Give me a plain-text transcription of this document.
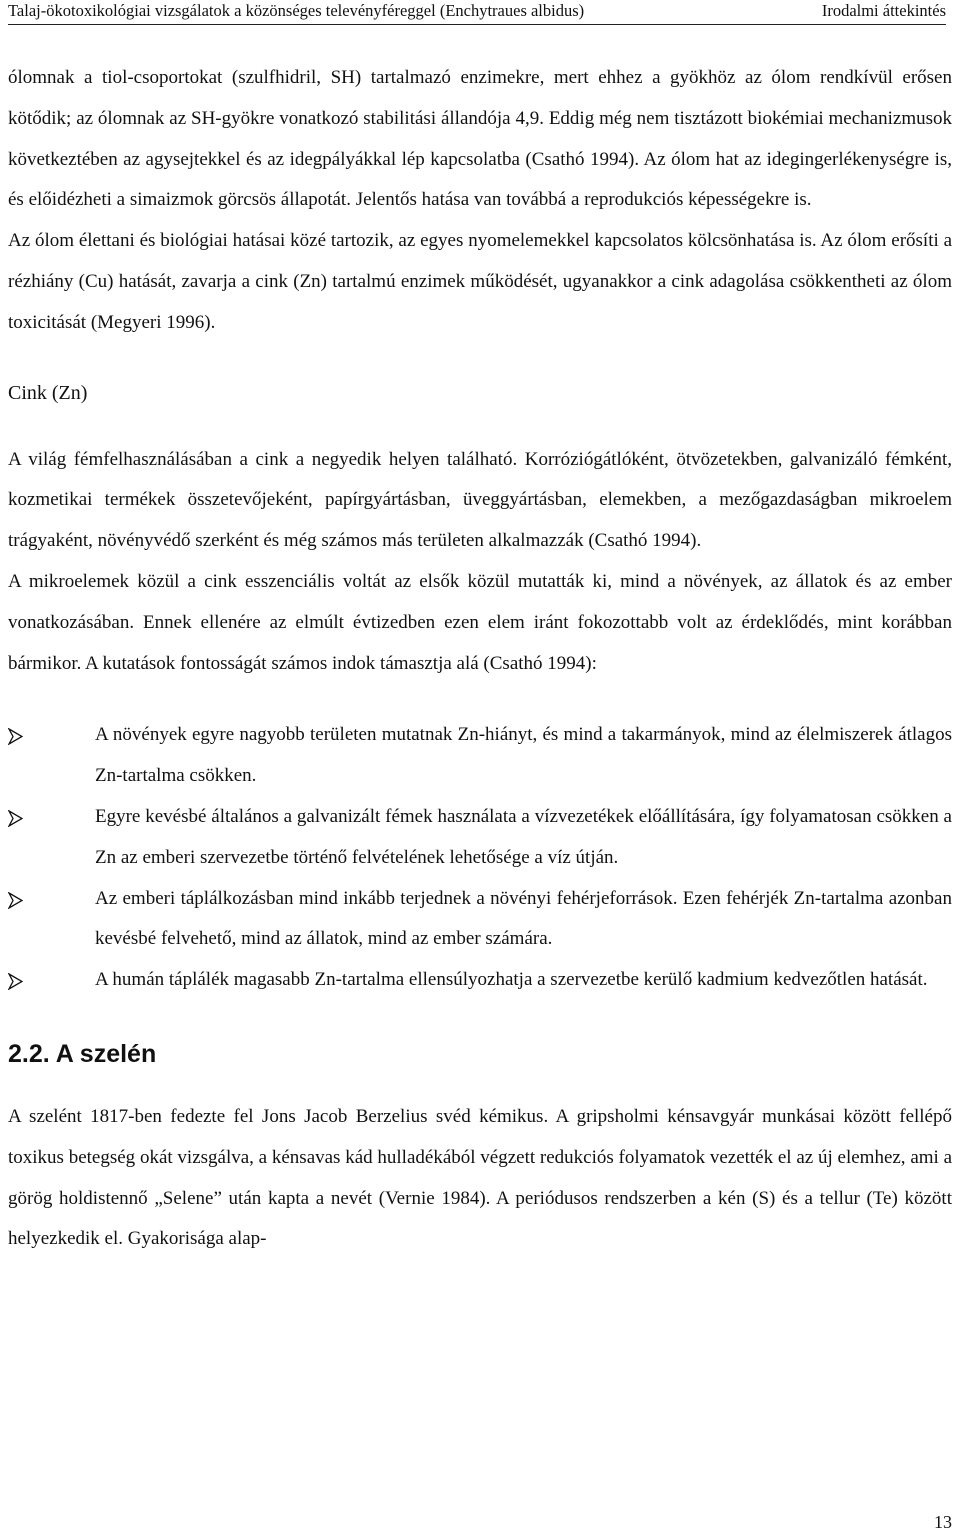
Talaj-ökotoxikológiai vizsgálatok a közönséges televényféreggel (Enchytraues albidus)	Irodalmi áttekintés

ólomnak a tiol-csoportokat (szulfhidril, SH) tartalmazó enzimekre, mert ehhez a gyökhöz az ólom rendkívül erősen kötődik; az ólomnak az SH-gyökre vonatkozó stabilitási állandója 4,9. Eddig még nem tisztázott biokémiai mechanizmusok következtében az agysejtekkel és az idegpályákkal lép kapcsolatba (Csathó 1994). Az ólom hat az idegingerlékenységre is, és előidézheti a simaizmok görcsös állapotát. Jelentős hatása van továbbá a reprodukciós képességekre is.

Az ólom élettani és biológiai hatásai közé tartozik, az egyes nyomelemekkel kapcsolatos kölcsönhatása is. Az ólom erősíti a rézhiány (Cu) hatását, zavarja a cink (Zn) tartalmú enzimek működését, ugyanakkor a cink adagolása csökkentheti az ólom toxicitását (Megyeri 1996).

Cink (Zn)

A világ fémfelhasználásában a cink a negyedik helyen található. Korróziógátlóként, ötvözetekben, galvanizáló fémként, kozmetikai termékek összetevőjeként, papírgyártásban, üveggyártásban, elemekben, a mezőgazdaságban mikroelem trágyaként, növényvédő szerként és még számos más területen alkalmazzák (Csathó 1994).

A mikroelemek közül a cink esszenciális voltát az elsők közül mutatták ki, mind a növények, az állatok és az ember vonatkozásában. Ennek ellenére az elmúlt évtizedben ezen elem iránt fokozottabb volt az érdeklődés, mint korábban bármikor. A kutatások fontosságát számos indok támasztja alá (Csathó 1994):

A növények egyre nagyobb területen mutatnak Zn-hiányt, és mind a takarmányok, mind az élelmiszerek átlagos Zn-tartalma csökken.

Egyre kevésbé általános a galvanizált fémek használata a vízvezetékek előállítására, így folyamatosan csökken a Zn az emberi szervezetbe történő felvételének lehetősége a víz útján.

Az emberi táplálkozásban mind inkább terjednek a növényi fehérjeforrások. Ezen fehérjék Zn-tartalma azonban kevésbé felvehető, mind az állatok, mind az ember számára.

A humán táplálék magasabb Zn-tartalma ellensúlyozhatja a szervezetbe kerülő kadmium kedvezőtlen hatását.

2.2. A szelén

A szelént 1817-ben fedezte fel Jons Jacob Berzelius svéd kémikus. A gripsholmi kénsavgyár munkásai között fellépő toxikus betegség okát vizsgálva, a kénsavas kád hulladékából végzett redukciós folyamatok vezették el az új elemhez, ami a görög holdistennő „Selene” után kapta a nevét (Vernie 1984). A periódusos rendszerben a kén (S) és a tellur (Te) között helyezkedik el. Gyakorisága alap-

13
